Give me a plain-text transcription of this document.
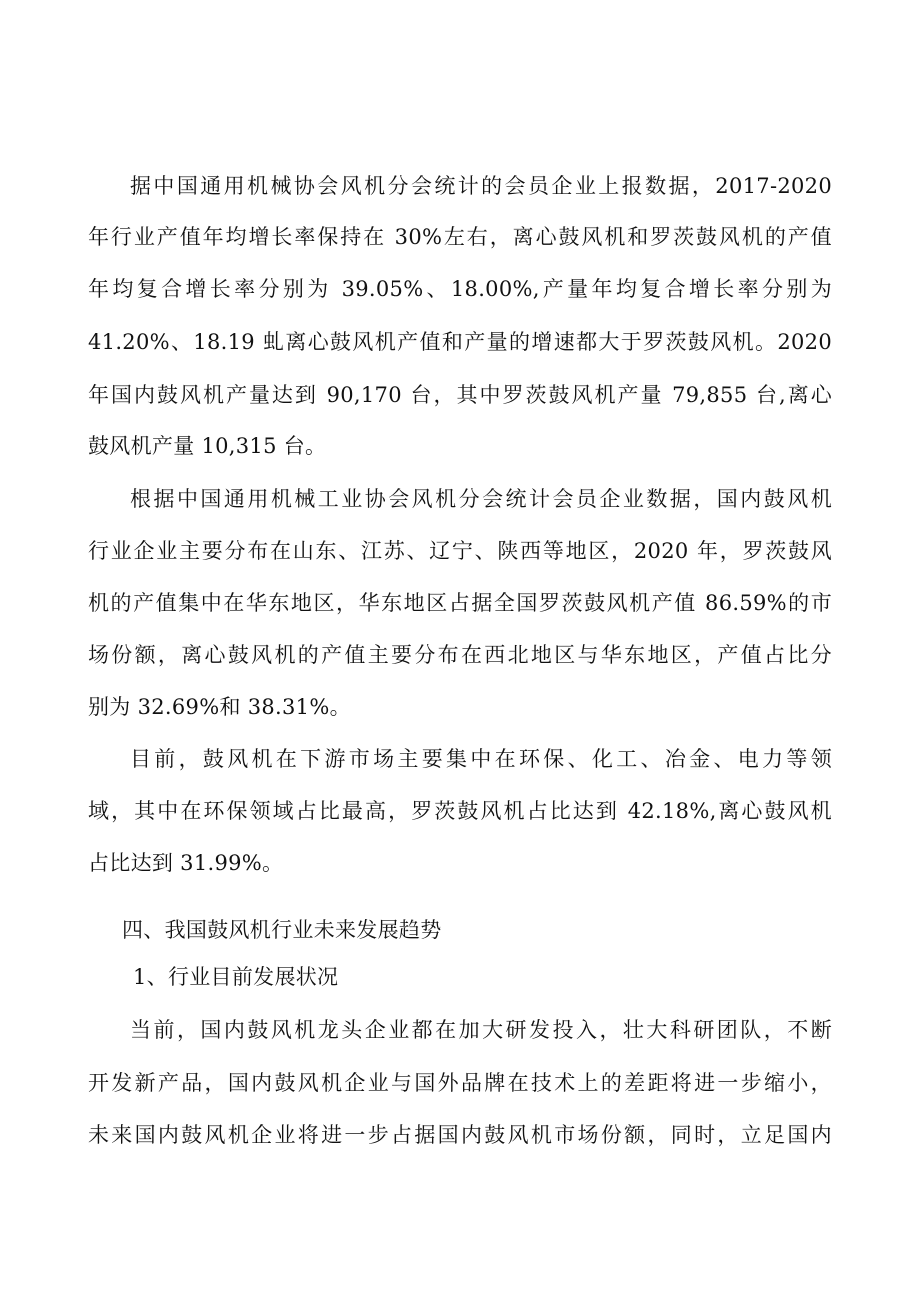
据中国通用机械协会风机分会统计的会员企业上报数据，2017-2020
年行业产值年均增长率保持在 30%左右，离心鼓风机和罗茨鼓风机的产值
年均复合增长率分别为 39.05%、18.00%,产量年均复合增长率分别为
41.20%、18.19 虬离心鼓风机产值和产量的增速都大于罗茨鼓风机。2020
年国内鼓风机产量达到 90,170 台，其中罗茨鼓风机产量 79,855 台,离心
鼓风机产量 10,315 台。
根据中国通用机械工业协会风机分会统计会员企业数据，国内鼓风机
行业企业主要分布在山东、江苏、辽宁、陕西等地区，2020 年，罗茨鼓风
机的产值集中在华东地区，华东地区占据全国罗茨鼓风机产值 86.59%的市
场份额，离心鼓风机的产值主要分布在西北地区与华东地区，产值占比分
别为 32.69%和 38.31%。
目前，鼓风机在下游市场主要集中在环保、化工、冶金、电力等领
域，其中在环保领域占比最高，罗茨鼓风机占比达到 42.18%,离心鼓风机
占比达到 31.99%。
四、我国鼓风机行业未来发展趋势
1、行业目前发展状况
当前，国内鼓风机龙头企业都在加大研发投入，壮大科研团队，不断
开发新产品，国内鼓风机企业与国外品牌在技术上的差距将进一步缩小，
未来国内鼓风机企业将进一步占据国内鼓风机市场份额，同时，立足国内
